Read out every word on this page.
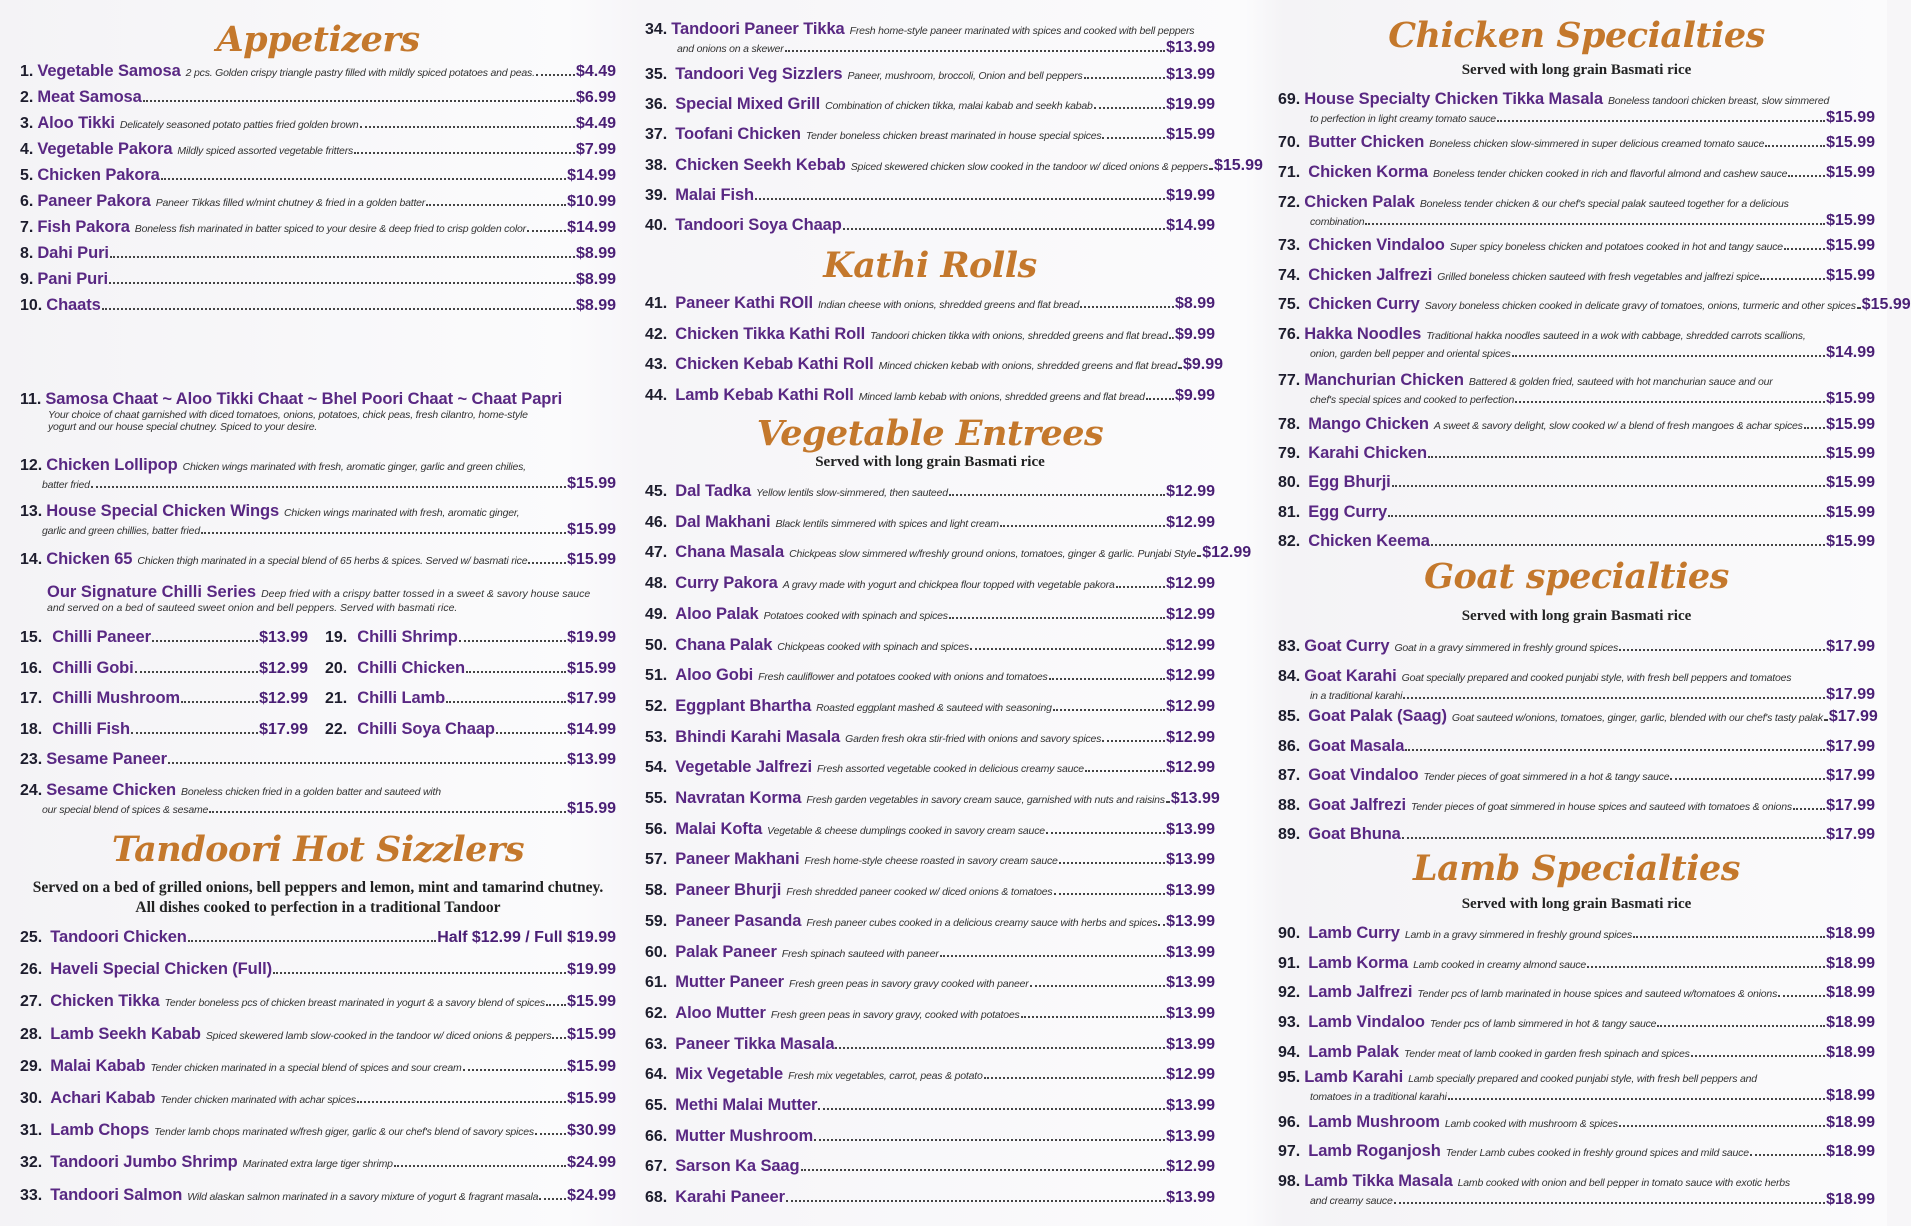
Appetizers
1. Vegetable Samosa 2 pcs. Golden crispy triangle pastry filled with mildly spiced potatoes and peas.	$4.49
2. Meat Samosa	$6.99
3. Aloo Tikki Delicately seasoned potato patties fried golden brown	$4.49
4. Vegetable Pakora Mildly spiced assorted vegetable fritters	$7.99
5. Chicken Pakora	$14.99
6. Paneer Pakora Paneer Tikkas filled w/mint chutney & fried in a golden batter	$10.99
7. Fish Pakora Boneless fish marinated in batter spiced to your desire & deep fried to crisp golden color	$14.99
8. Dahi Puri	$8.99
9. Pani Puri	$8.99
10. Chaats	$8.99
11. Samosa Chaat ~ Aloo Tikki Chaat ~ Bhel Poori Chaat ~ Chaat Papri
Your choice of chaat garnished with diced tomatoes, onions, potatoes, chick peas, fresh cilantro, home-style
yogurt and our house special chutney. Spiced to your desire.
12. Chicken Lollipop Chicken wings marinated with fresh, aromatic ginger, garlic and green chilies,
batter fried	$15.99
13. House Special Chicken Wings Chicken wings marinated with fresh, aromatic ginger,
garlic and green chillies, batter fried	$15.99
14. Chicken 65 Chicken thigh marinated in a special blend of 65 herbs & spices. Served w/ basmati rice $15.99
Our Signature Chilli Series Deep fried with a crispy batter tossed in a sweet & savory house sauce
and served on a bed of sauteed sweet onion and bell peppers. Served with basmati rice.
15. Chilli Paneer	$13.99
16. Chilli Gobi	$12.99
17. Chilli Mushroom	$12.99
18. Chilli Fish	$17.99
19. Chilli Shrimp	$19.99
20. Chilli Chicken	$15.99
21. Chilli Lamb	$17.99
22. Chilli Soya Chaap	$14.99
23. Sesame Paneer	$13.99
24. Sesame Chicken Boneless chicken fried in a golden batter and sauteed with
our special blend of spices & sesame	$15.99
Tandoori Hot Sizzlers
Served on a bed of grilled onions, bell peppers and lemon, mint and tamarind chutney. All dishes cooked to perfection in a traditional Tandoor
25. Tandoori Chicken	Half $12.99 / Full $19.99
26. Haveli Special Chicken (Full)	$19.99
27. Chicken Tikka Tender boneless pcs of chicken breast marinated in yogurt & a savory blend of spices $15.99
28. Lamb Seekh Kabab Spiced skewered lamb slow-cooked in the tandoor w/ diced onions & peppers $15.99
29. Malai Kabab Tender chicken marinated in a special blend of spices and sour cream	$15.99
30. Achari Kabab Tender chicken marinated with achar spices	$15.99
31. Lamb Chops Tender lamb chops marinated w/fresh giger, garlic & our chef's blend of savory spices $30.99
32. Tandoori Jumbo Shrimp Marinated extra large tiger shrimp	$24.99
33. Tandoori Salmon Wild alaskan salmon marinated in a savory mixture of yogurt & fragrant masala $24.99
34. Tandoori Paneer Tikka Fresh home-style paneer marinated with spices and cooked with bell peppers
and onions on a skewer	$13.99
35. Tandoori Veg Sizzlers Paneer, mushroom, broccoli, Onion and bell peppers	$13.99
36. Special Mixed Grill Combination of chicken tikka, malai kabab and seekh kabab	$19.99
37. Toofani Chicken Tender boneless chicken breast marinated in house special spices	$15.99
38. Chicken Seekh Kebab Spiced skewered chicken slow cooked in the tandoor w/ diced onions & peppers $15.99
39. Malai Fish	$19.99
40. Tandoori Soya Chaap	$14.99
Kathi Rolls
41. Paneer Kathi ROll Indian cheese with onions, shredded greens and flat bread	$8.99
42. Chicken Tikka Kathi Roll Tandoori chicken tikka with onions, shredded greens and flat bread $9.99
43. Chicken Kebab Kathi Roll Minced chicken kebab with onions, shredded greens and flat bread $9.99
44. Lamb Kebab Kathi Roll Minced lamb kebab with onions, shredded greens and flat bread $9.99
Vegetable Entrees
Served with long grain Basmati rice
45. Dal Tadka Yellow lentils slow-simmered, then sauteed	$12.99
46. Dal Makhani Black lentils simmered with spices and light cream	$12.99
47. Chana Masala Chickpeas slow simmered w/freshly ground onions, tomatoes, ginger & garlic. Punjabi Style $12.99
48. Curry Pakora A gravy made with yogurt and chickpea flour topped with vegetable pakora	$12.99
49. Aloo Palak Potatoes cooked with spinach and spices	$12.99
50. Chana Palak Chickpeas cooked with spinach and spices	$12.99
51. Aloo Gobi Fresh cauliflower and potatoes cooked with onions and tomatoes	$12.99
52. Eggplant Bhartha Roasted eggplant mashed & sauteed with seasoning	$12.99
53. Bhindi Karahi Masala Garden fresh okra stir-fried with onions and savory spices	$12.99
54. Vegetable Jalfrezi Fresh assorted vegetable cooked in delicious creamy sauce	$12.99
55. Navratan Korma Fresh garden vegetables in savory cream sauce, garnished with nuts and raisins $13.99
56. Malai Kofta Vegetable & cheese dumplings cooked in savory cream sauce	$13.99
57. Paneer Makhani Fresh home-style cheese roasted in savory cream sauce	$13.99
58. Paneer Bhurji Fresh shredded paneer cooked w/ diced onions & tomatoes	$13.99
59. Paneer Pasanda Fresh paneer cubes cooked in a delicious creamy sauce with herbs and spices $13.99
60. Palak Paneer Fresh spinach sauteed with paneer	$13.99
61. Mutter Paneer Fresh green peas in savory gravy cooked with paneer	$13.99
62. Aloo Mutter Fresh green peas in savory gravy, cooked with potatoes	$13.99
63. Paneer Tikka Masala	$13.99
64. Mix Vegetable Fresh mix vegetables, carrot, peas & potato	$12.99
65. Methi Malai Mutter	$13.99
66. Mutter Mushroom	$13.99
67. Sarson Ka Saag	$12.99
68. Karahi Paneer	$13.99
Chicken Specialties
Served with long grain Basmati rice
69. House Specialty Chicken Tikka Masala Boneless tandoori chicken breast, slow simmered
to perfection in light creamy tomato sauce	$15.99
70. Butter Chicken Boneless chicken slow-simmered in super delicious creamed tomato sauce	$15.99
71. Chicken Korma Boneless tender chicken cooked in rich and flavorful almond and cashew sauce $15.99
72. Chicken Palak Boneless tender chicken & our chef's special palak sauteed together for a delicious
combination	$15.99
73. Chicken Vindaloo Super spicy boneless chicken and potatoes cooked in hot and tangy sauce	$15.99
74. Chicken Jalfrezi Grilled boneless chicken sauteed with fresh vegetables and jalfrezi spice	$15.99
75. Chicken Curry Savory boneless chicken cooked in delicate gravy of tomatoes, onions, turmeric and other spices $15.99
76. Hakka Noodles Traditional hakka noodles sauteed in a wok with cabbage, shredded carrots scallions,
onion, garden bell pepper and oriental spices	$14.99
77. Manchurian Chicken Battered & golden fried, sauteed with hot manchurian sauce and our
chef's special spices and cooked to perfection	$15.99
78. Mango Chicken A sweet & savory delight, slow cooked w/ a blend of fresh mangoes & achar spices $15.99
79. Karahi Chicken	$15.99
80. Egg Bhurji	$15.99
81. Egg Curry	$15.99
82. Chicken Keema	$15.99
Goat specialties
Served with long grain Basmati rice
83. Goat Curry Goat in a gravy simmered in freshly ground spices	$17.99
84. Goat Karahi Goat specially prepared and cooked punjabi style, with fresh bell peppers and tomatoes
in a traditional karahi	$17.99
85. Goat Palak (Saag) Goat sauteed w/onions, tomatoes, ginger, garlic, blended with our chef's tasty palak $17.99
86. Goat Masala	$17.99
87. Goat Vindaloo Tender pieces of goat simmered in a hot & tangy sauce	$17.99
88. Goat Jalfrezi Tender pieces of goat simmered in house spices and sauteed with tomatoes & onions $17.99
89. Goat Bhuna	$17.99
Lamb Specialties
Served with long grain Basmati rice
90. Lamb Curry Lamb in a gravy simmered in freshly ground spices	$18.99
91. Lamb Korma Lamb cooked in creamy almond sauce	$18.99
92. Lamb Jalfrezi Tender pcs of lamb marinated in house spices and sauteed w/tomatoes & onions	$18.99
93. Lamb Vindaloo Tender pcs of lamb simmered in hot & tangy sauce	$18.99
94. Lamb Palak Tender meat of lamb cooked in garden fresh spinach and spices	$18.99
95. Lamb Karahi Lamb specially prepared and cooked punjabi style, with fresh bell peppers and
tomatoes in a traditional karahi	$18.99
96. Lamb Mushroom Lamb cooked with mushroom & spices	$18.99
97. Lamb Roganjosh Tender Lamb cubes cooked in freshly ground spices and mild sauce	$18.99
98. Lamb Tikka Masala Lamb cooked with onion and bell pepper in tomato sauce with exotic herbs
and creamy sauce	$18.99
